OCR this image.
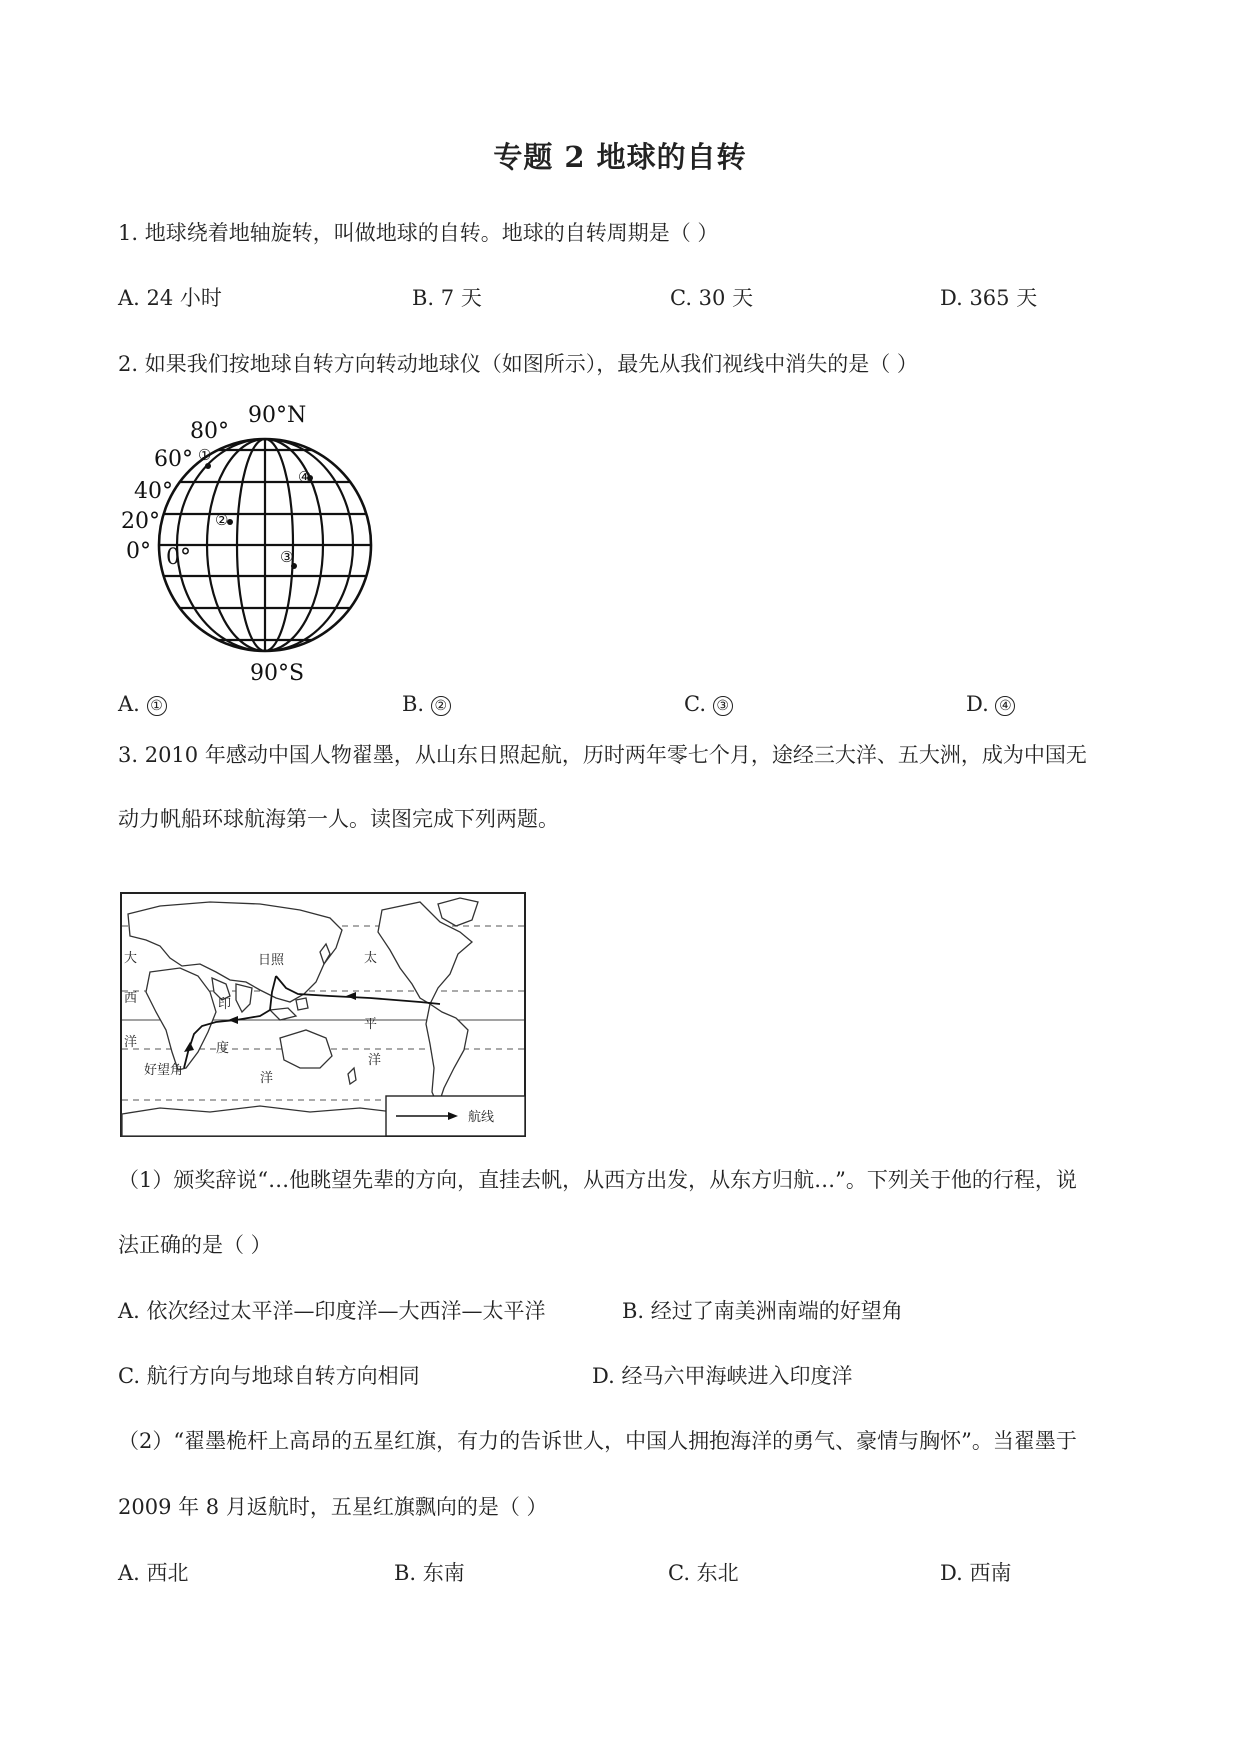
专题 2 地球的自转
1. 地球绕着地轴旋转，叫做地球的自转。地球的自转周期是（ ）
A. 24 小时	B. 7 天	C. 30 天	D. 365 天
2. 如果我们按地球自转方向转动地球仪（如图所示），最先从我们视线中消失的是（ ）
90°N
80°
60°
40°
20°
0° 0°
90°S
①
②
③
④
A. ①	B. ②	C. ③	D. ④
3. 2010 年感动中国人物翟墨，从山东日照起航，历时两年零七个月，途经三大洋、五大洲，成为中国无
动力帆船环球航海第一人。读图完成下列两题。
大
西
洋
印
度
洋
太
平
洋
日照
好望角
航线
（1）颁奖辞说“…他眺望先辈的方向，直挂去帆，从西方出发，从东方归航…”。下列关于他的行程，说
法正确的是（ ）
A. 依次经过太平洋—印度洋—大西洋—太平洋	B. 经过了南美洲南端的好望角
C. 航行方向与地球自转方向相同	D. 经马六甲海峡进入印度洋
（2）“翟墨桅杆上高昂的五星红旗，有力的告诉世人，中国人拥抱海洋的勇气、豪情与胸怀”。当翟墨于
2009 年 8 月返航时，五星红旗飘向的是（ ）
A. 西北	B. 东南	C. 东北	D. 西南
